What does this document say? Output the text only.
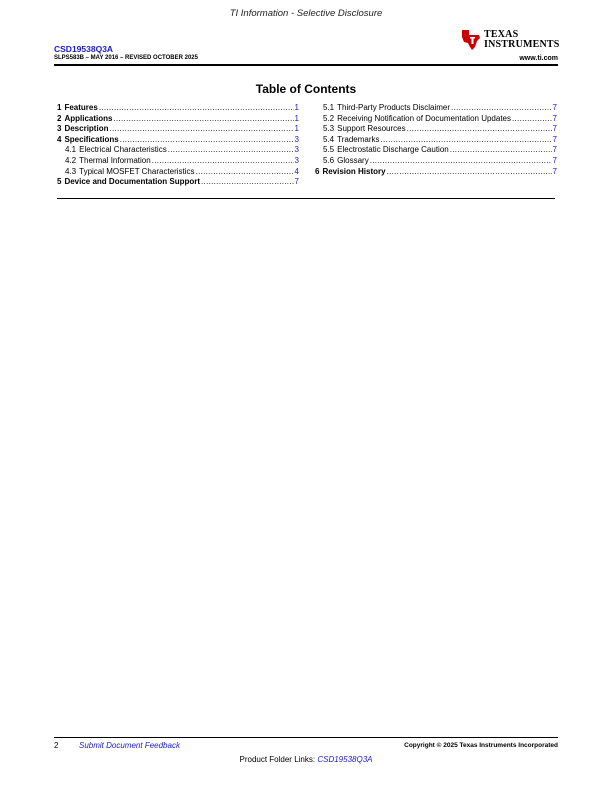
TI Information - Selective Disclosure
CSD19538Q3A
SLPS583B – MAY 2016 – REVISED OCTOBER 2025
TEXAS
INSTRUMENTS
www.ti.com
Table of Contents
1 Features .....	1
2 Applications .....	1
3 Description .....	1
4 Specifications .....	3
4.1 Electrical Characteristics .....	3
4.2 Thermal Information .....	3
4.3 Typical MOSFET Characteristics .....	4
5 Device and Documentation Support .....	7
5.1 Third-Party Products Disclaimer .....	7
5.2 Receiving Notification of Documentation Updates .....	7
5.3 Support Resources .....	7
5.4 Trademarks .....	7
5.5 Electrostatic Discharge Caution .....	7
5.6 Glossary .....	7
6 Revision History .....	7
2	Submit Document Feedback	Copyright © 2025 Texas Instruments Incorporated
Product Folder Links: CSD19538Q3A
